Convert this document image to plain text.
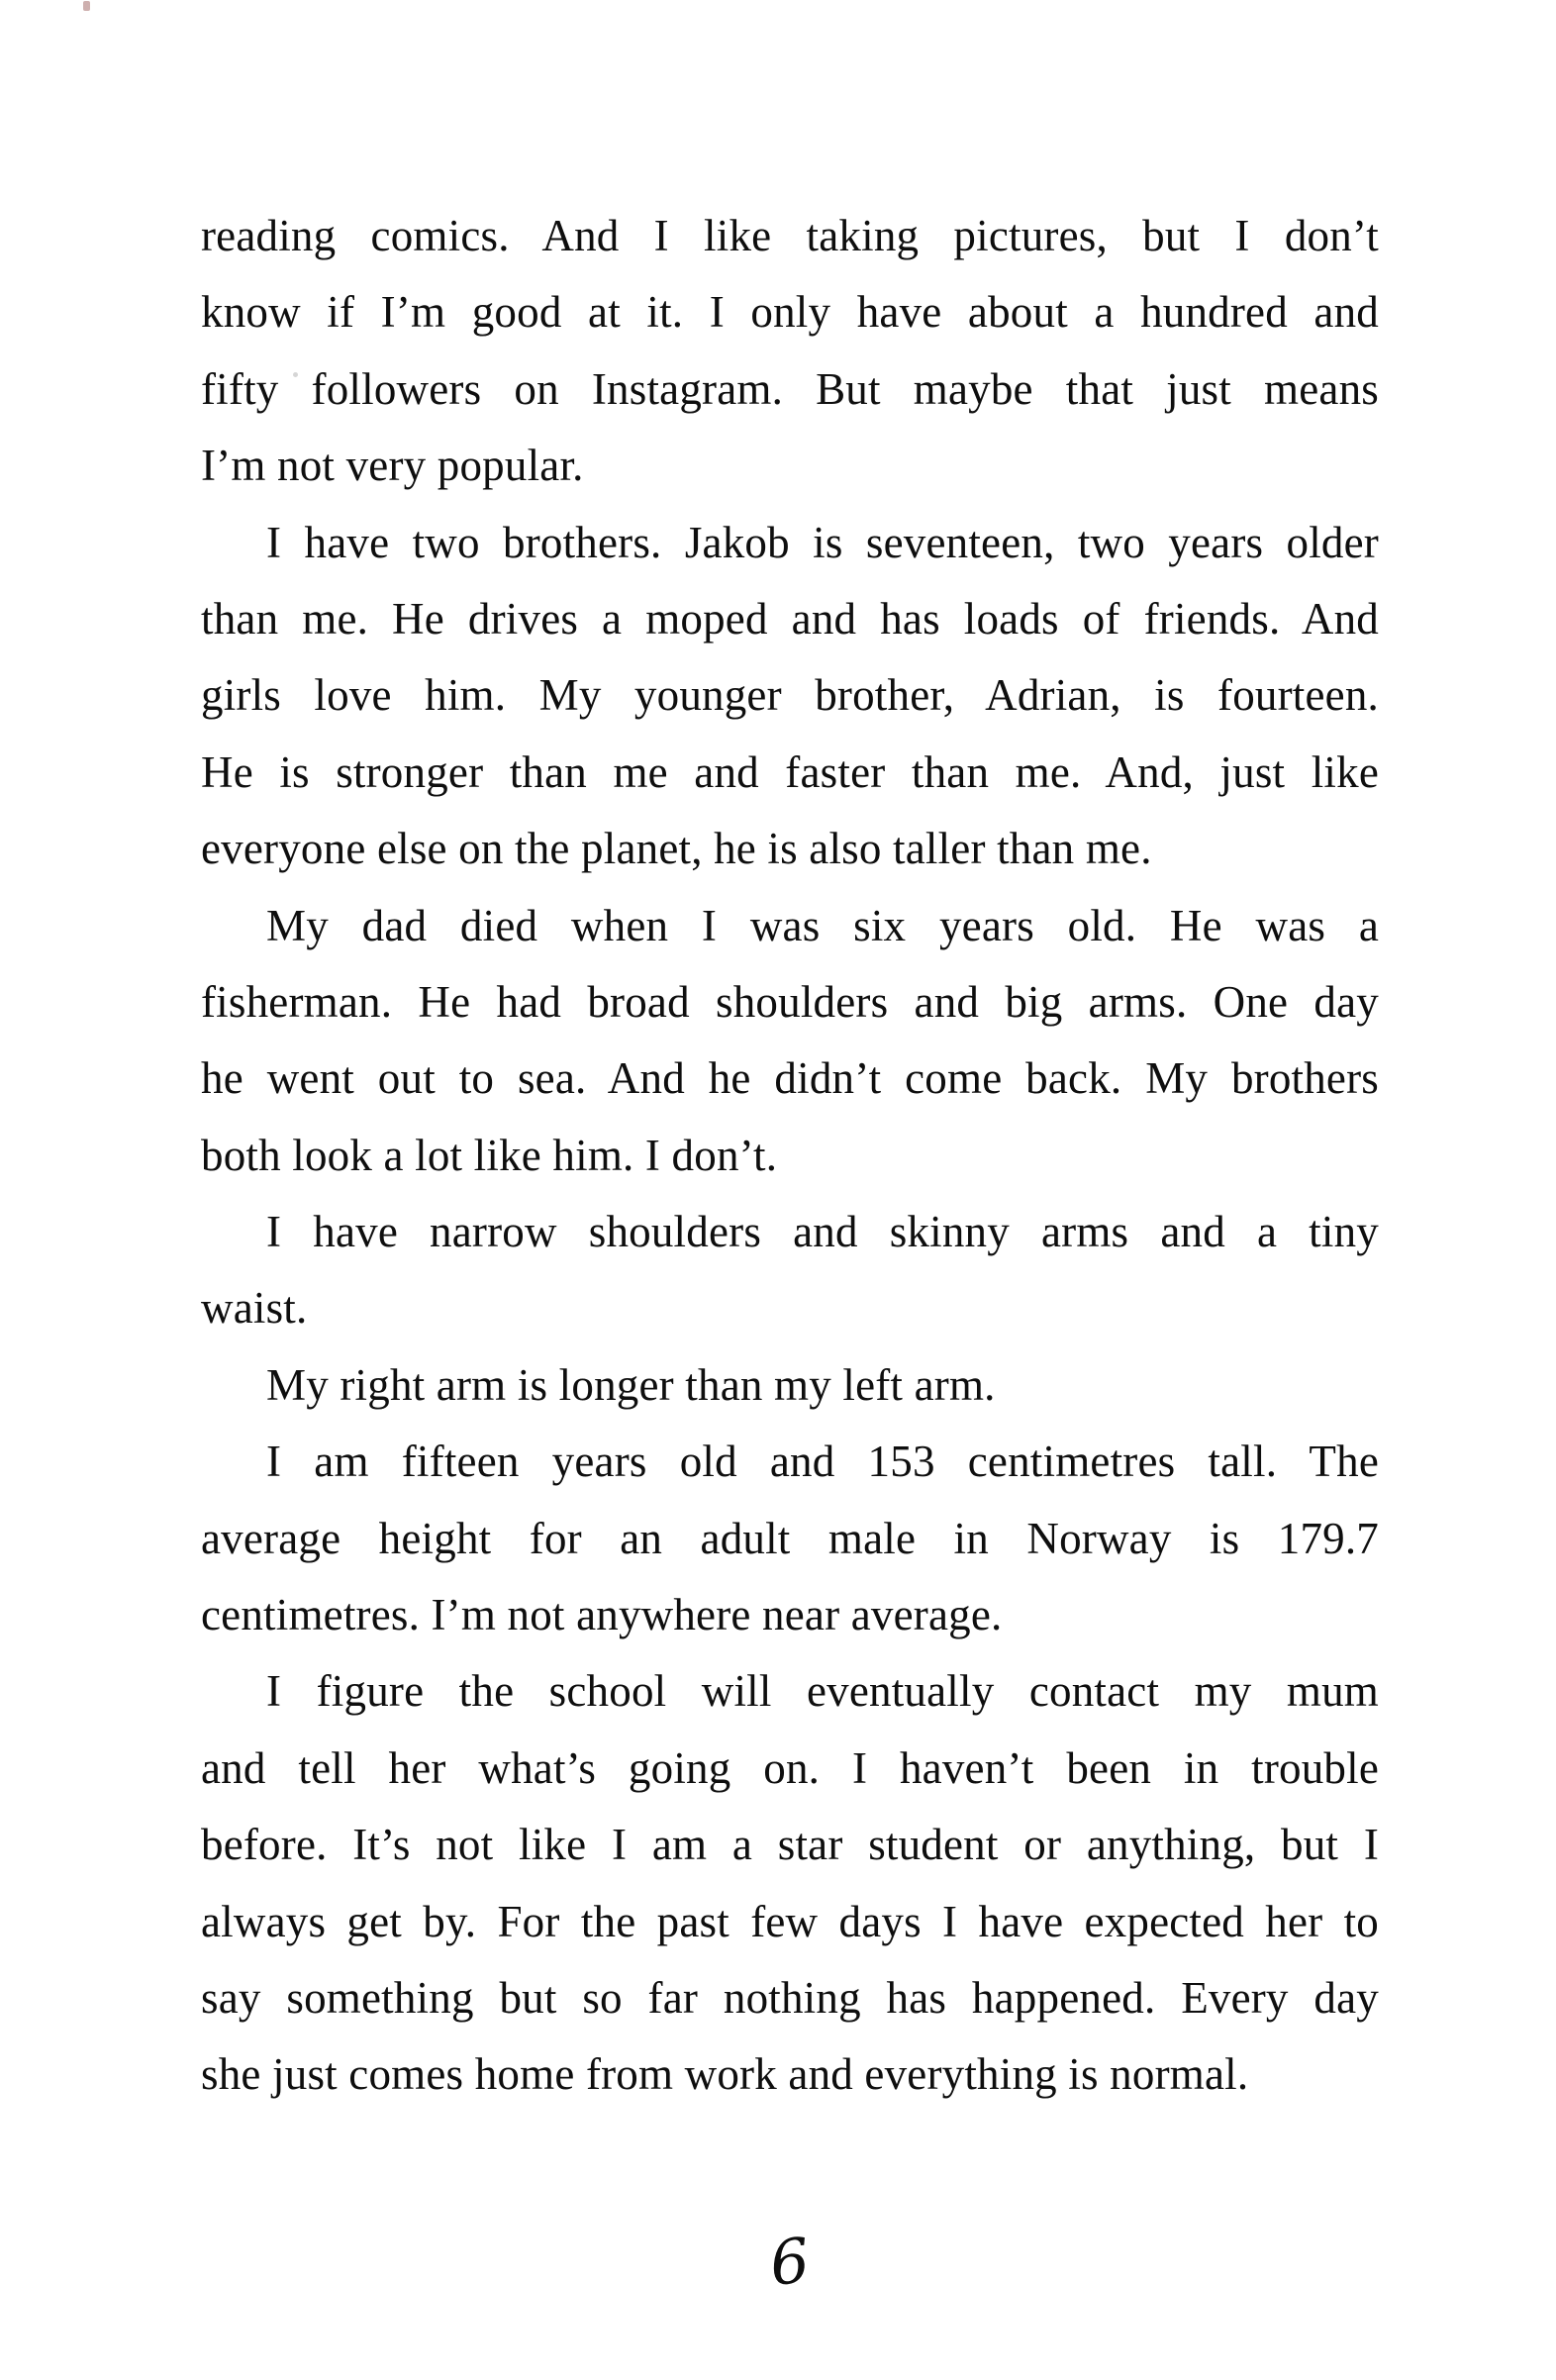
reading comics. And I like taking pictures, but I don’t
know if I’m good at it. I only have about a hundred and
fifty followers on Instagram. But maybe that just means
I’m not very popular.
I have two brothers. Jakob is seventeen, two years older
than me. He drives a moped and has loads of friends. And
girls love him. My younger brother, Adrian, is fourteen.
He is stronger than me and faster than me. And, just like
everyone else on the planet, he is also taller than me.
My dad died when I was six years old. He was a
fisherman. He had broad shoulders and big arms. One day
he went out to sea. And he didn’t come back. My brothers
both look a lot like him. I don’t.
I have narrow shoulders and skinny arms and a tiny
waist.
My right arm is longer than my left arm.
I am fifteen years old and 153 centimetres tall. The
average height for an adult male in Norway is 179.7
centimetres. I’m not anywhere near average.
I figure the school will eventually contact my mum
and tell her what’s going on. I haven’t been in trouble
before. It’s not like I am a star student or anything, but I
always get by. For the past few days I have expected her to
say something but so far nothing has happened. Every day
she just comes home from work and everything is normal.
6
